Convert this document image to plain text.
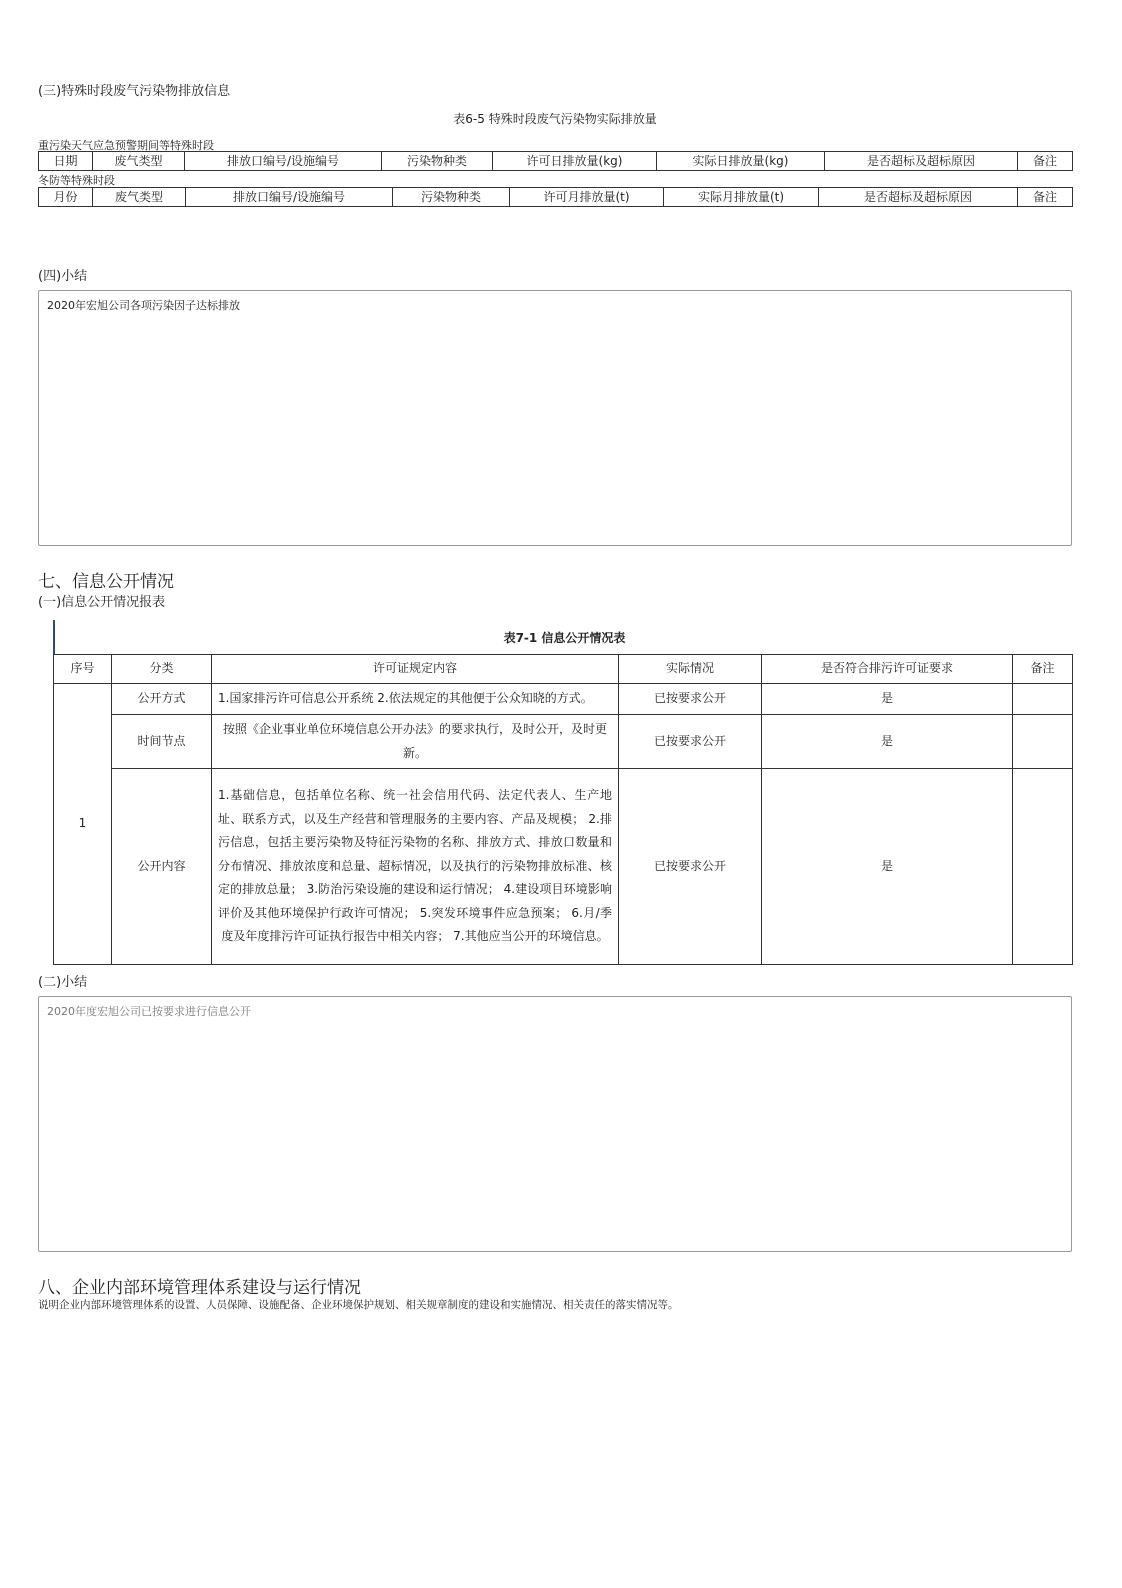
(三)特殊时段废气污染物排放信息
表6-5 特殊时段废气污染物实际排放量
重污染天气应急预警期间等特殊时段
日期	废气类型	排放口编号/设施编号	污染物种类	许可日排放量(kg)	实际日排放量(kg)	是否超标及超标原因	备注
冬防等特殊时段
月份	废气类型	排放口编号/设施编号	污染物种类	许可月排放量(t)	实际月排放量(t)	是否超标及超标原因	备注
(四)小结
2020年宏旭公司各项污染因子达标排放
七、信息公开情况
(一)信息公开情况报表
表7-1 信息公开情况表
序号	分类	许可证规定内容	实际情况	是否符合排污许可证要求	备注
1	公开方式	1.国家排污许可信息公开系统 2.依法规定的其他便于公众知晓的方式。	已按要求公开	是	
	时间节点	按照《企业事业单位环境信息公开办法》的要求执行，及时公开，及时更新。	已按要求公开	是	
	公开内容	1.基础信息，包括单位名称、统一社会信用代码、法定代表人、生产地址、联系方式，以及生产经营和管理服务的主要内容、产品及规模； 2.排污信息，包括主要污染物及特征污染物的名称、排放方式、排放口数量和分布情况、排放浓度和总量、超标情况，以及执行的污染物排放标准、核定的排放总量； 3.防治污染设施的建设和运行情况； 4.建设项目环境影响评价及其他环境保护行政许可情况； 5.突发环境事件应急预案； 6.月/季度及年度排污许可证执行报告中相关内容； 7.其他应当公开的环境信息。	已按要求公开	是	
(二)小结
2020年度宏旭公司已按要求进行信息公开
八、企业内部环境管理体系建设与运行情况
说明企业内部环境管理体系的设置、人员保障、设施配备、企业环境保护规划、相关规章制度的建设和实施情况、相关责任的落实情况等。
